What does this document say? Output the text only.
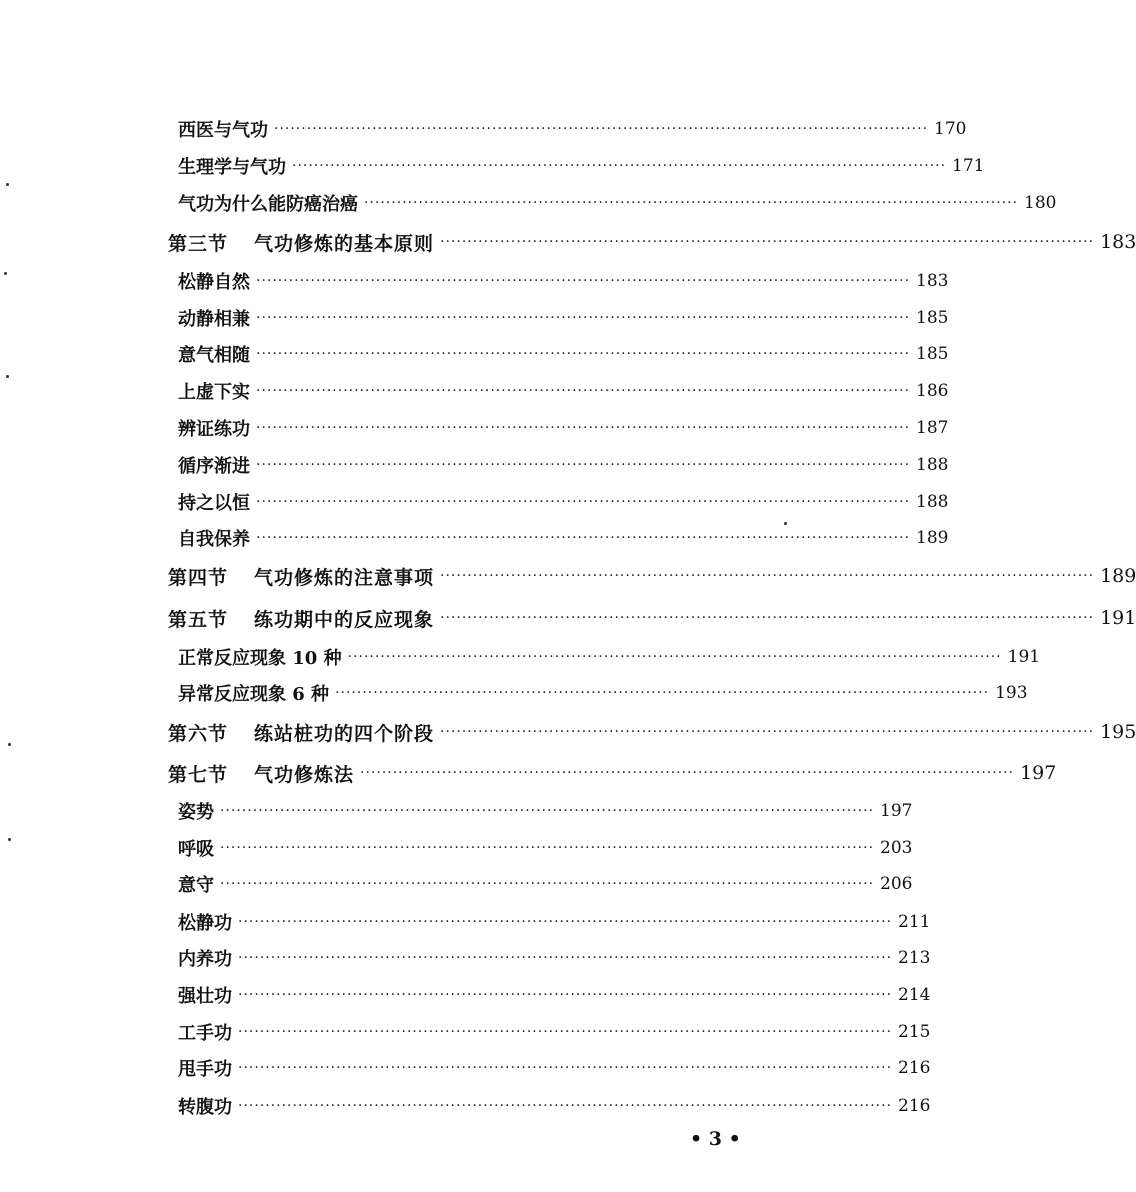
西医与气功 ························································································································ 170
生理学与气功 ························································································································ 171
气功为什么能防癌治癌 ························································································································ 180
第三节 气功修炼的基本原则 ························································································································ 183
松静自然 ························································································································ 183
动静相兼 ························································································································ 185
意气相随 ························································································································ 185
上虚下实 ························································································································ 186
辨证练功 ························································································································ 187
循序渐进 ························································································································ 188
持之以恒 ························································································································ 188
自我保养 ························································································································ 189
第四节 气功修炼的注意事项 ························································································································ 189
第五节 练功期中的反应现象 ························································································································ 191
正常反应现象 10 种 ························································································································ 191
异常反应现象 6 种 ························································································································ 193
第六节 练站桩功的四个阶段 ························································································································ 195
第七节 气功修炼法 ························································································································ 197
姿势 ························································································································ 197
呼吸 ························································································································ 203
意守 ························································································································ 206
松静功 ························································································································ 211
内养功 ························································································································ 213
强壮功 ························································································································ 214
工手功 ························································································································ 215
甩手功 ························································································································ 216
转腹功 ························································································································ 216
• 3 •
